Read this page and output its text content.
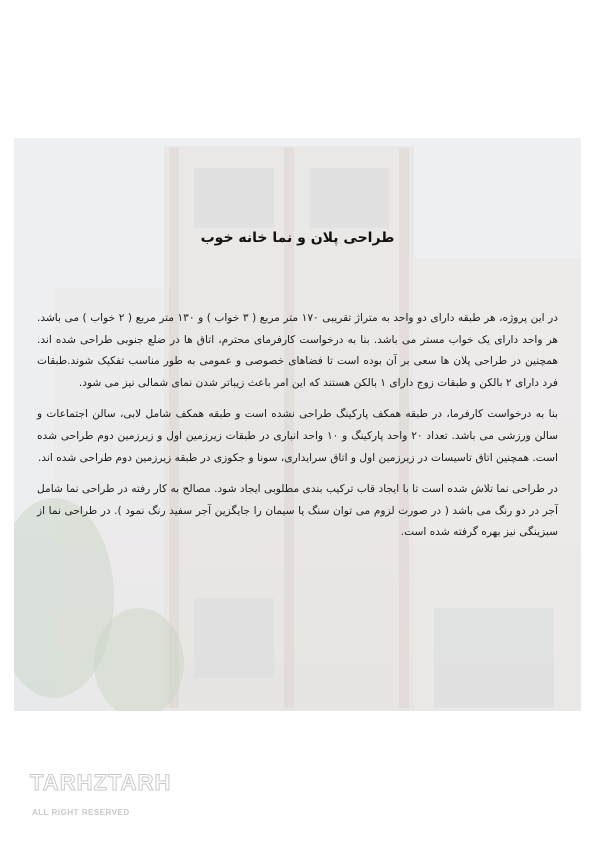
طراحی پلان و نما خانه خوب

در این پروژه، هر طبقه دارای دو واحد به متراژ تقریبی ۱۷۰ متر مربع ( ۳ خواب ) و ۱۳۰ متر مربع ( ۲ خواب ) می باشد. هر واحد دارای یک خواب مستر می باشد. بنا به درخواست کارفرمای محترم، اتاق ها در ضلع جنوبی طراحی شده اند. همچنین در طراحی پلان ها سعی بر آن بوده است تا فضاهای خصوصی و عمومی به طور مناسب تفکیک شوند.طبقات فرد دارای ۲ بالکن و طبقات زوج دارای ۱ بالکن هستند که این امر باعث زیباتر شدن نمای شمالی نیز می شود.

بنا به درخواست کارفرما، در طبقه همکف پارکینگ طراحی نشده است و طبقه همکف شامل لابی، سالن اجتماعات و سالن ورزشی می باشد. تعداد ۲۰ واحد پارکینگ و ۱۰ واحد انباری در طبقات زیرزمین اول و زیرزمین دوم طراحی شده است. همچنین اتاق تاسیسات در زیرزمین اول و اتاق سرایداری، سونا و جکوزی در طبقه زیرزمین دوم طراحی شده اند.

در طراحی نما تلاش شده است تا با ایجاد قاب ترکیب بندی مطلوبی ایجاد شود. مصالح به کار رفته در طراحی نما شامل آجر در دو رنگ می باشد ( در صورت لزوم می توان سنگ یا سیمان را جایگزین آجر سفید رنگ نمود ). در طراحی نما از سبزینگی نیز بهره گرفته شده است.

TARHZTARH
ALL RIGHT RESERVED
